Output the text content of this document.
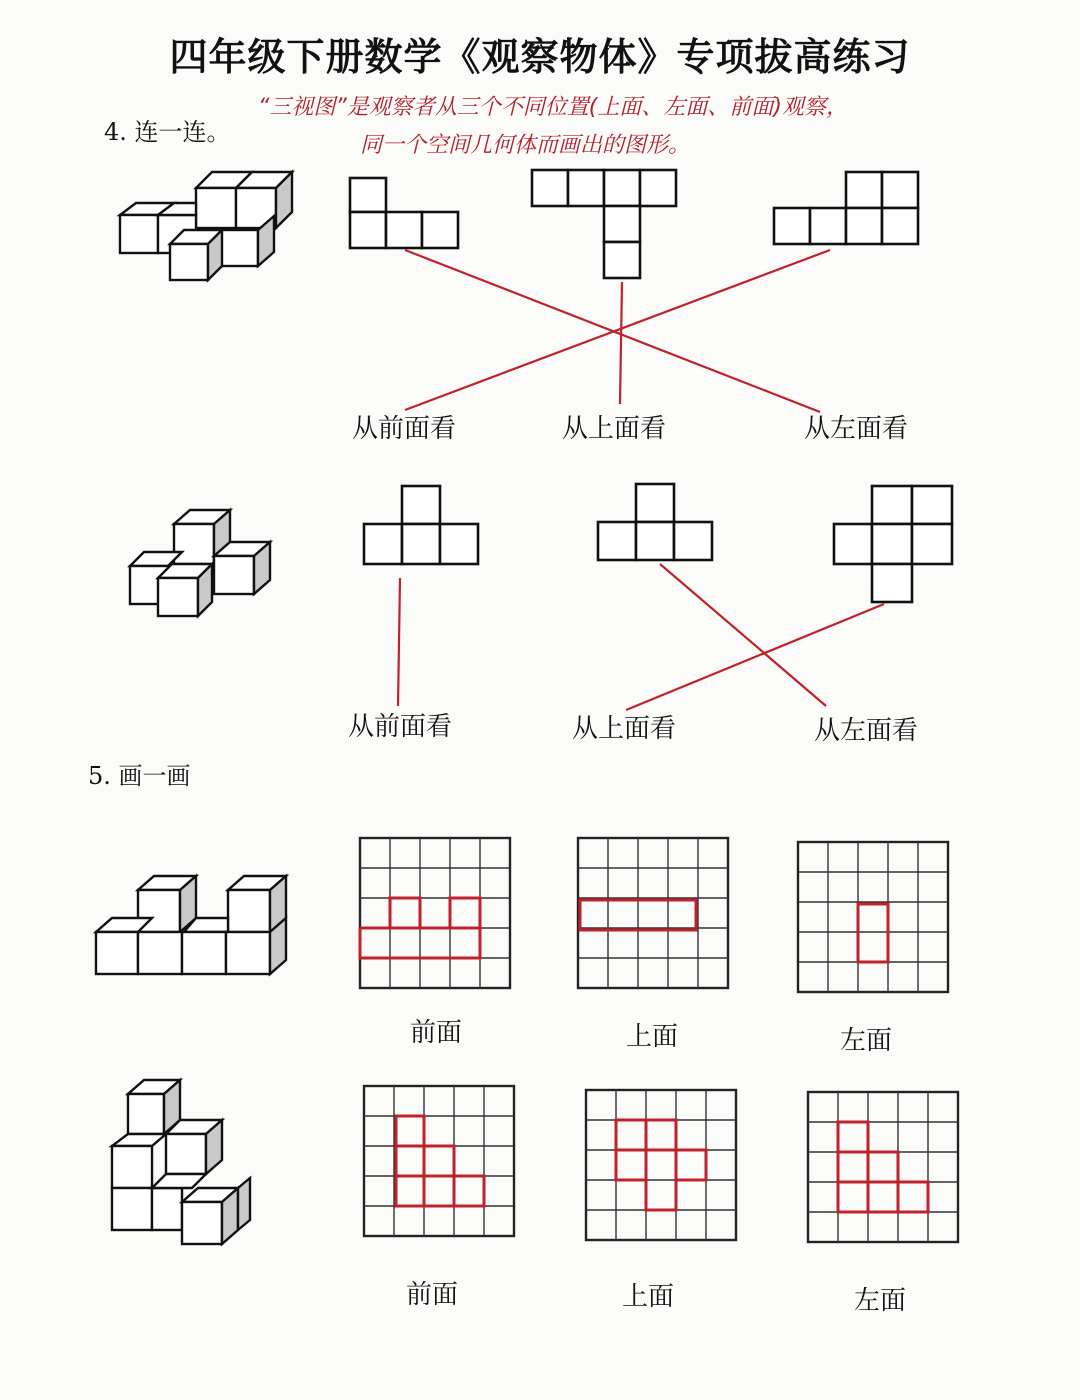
四年级下册数学《观察物体》专项拔高练习
4. 连一连。
“三视图”是观察者从三个不同位置(上面、左面、前面)观察，
同一个空间几何体而画出的图形。
从前面看	从上面看	从左面看
从前面看	从上面看	从左面看
5. 画一画
前面	上面	左面
前面	上面	左面
